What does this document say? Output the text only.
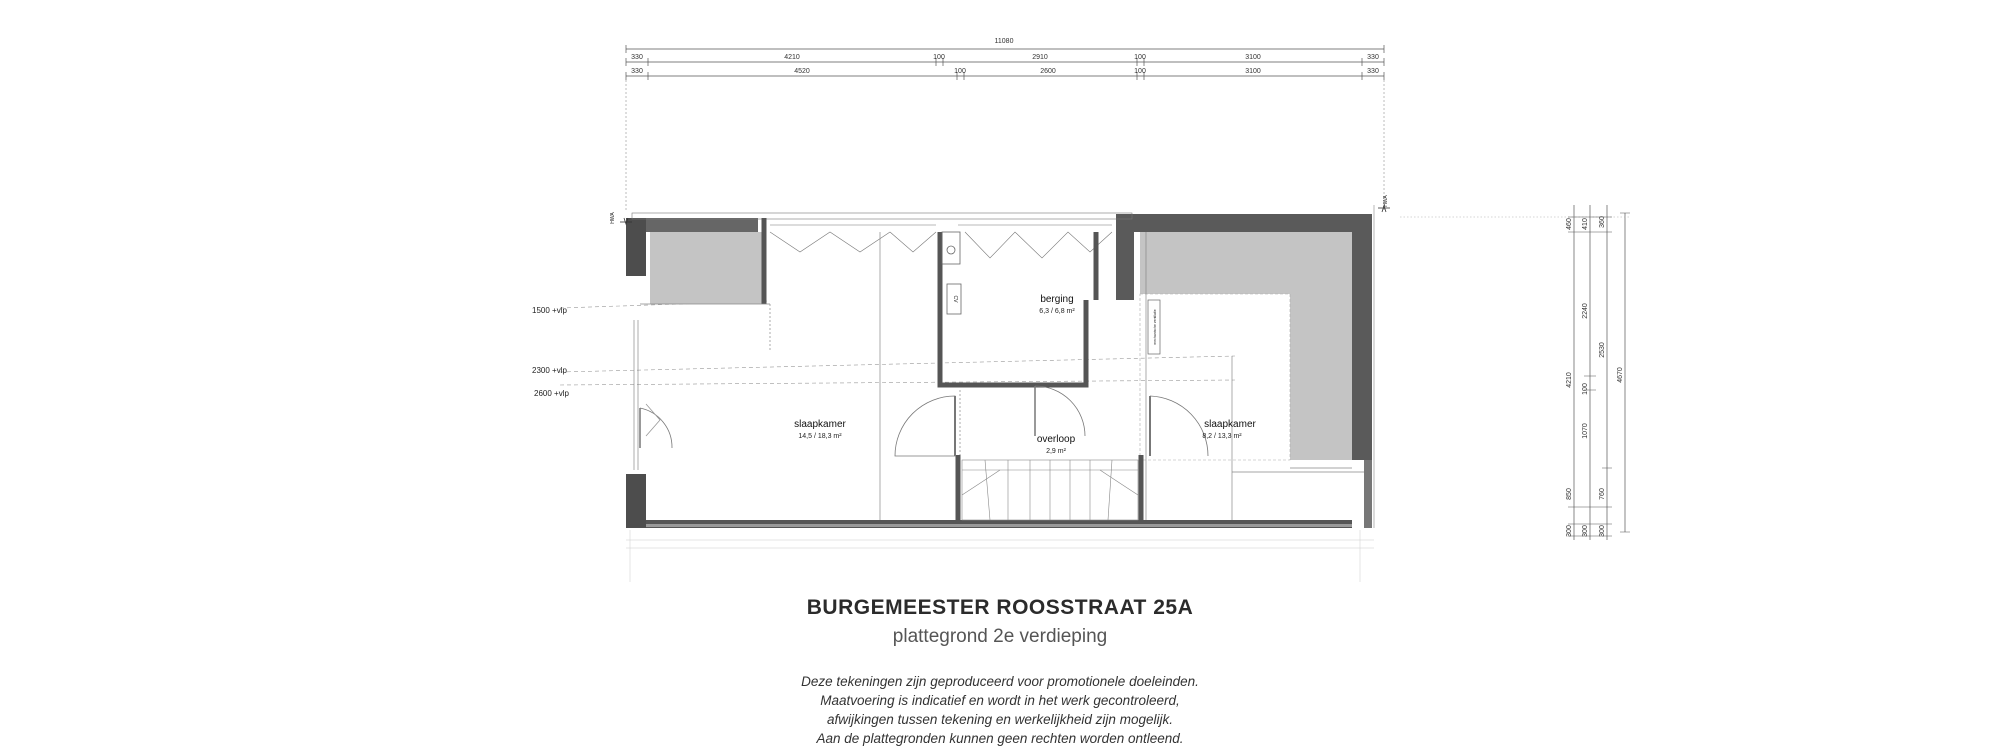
11080
330	4210	100	2910	100	3100	330
330	4520	100	2600	100	3100	330
460
4210
850
300
410
2240
100
1070
300
360
2530
760
300
4670
1500 +vlp
2300 +vlp
2600 +vlp
CV
mechanische ventilatie
HWA
HWA
slaapkamer
14,5 / 18,3 m²
berging
6,3 / 6,8 m²
overloop
2,9 m²
slaapkamer
8,2 / 13,3 m²
BURGEMEESTER ROOSSTRAAT 25A
plattegrond 2e verdieping
Deze tekeningen zijn geproduceerd voor promotionele doeleinden.
Maatvoering is indicatief en wordt in het werk gecontroleerd,
afwijkingen tussen tekening en werkelijkheid zijn mogelijk.
Aan de plattegronden kunnen geen rechten worden ontleend.
